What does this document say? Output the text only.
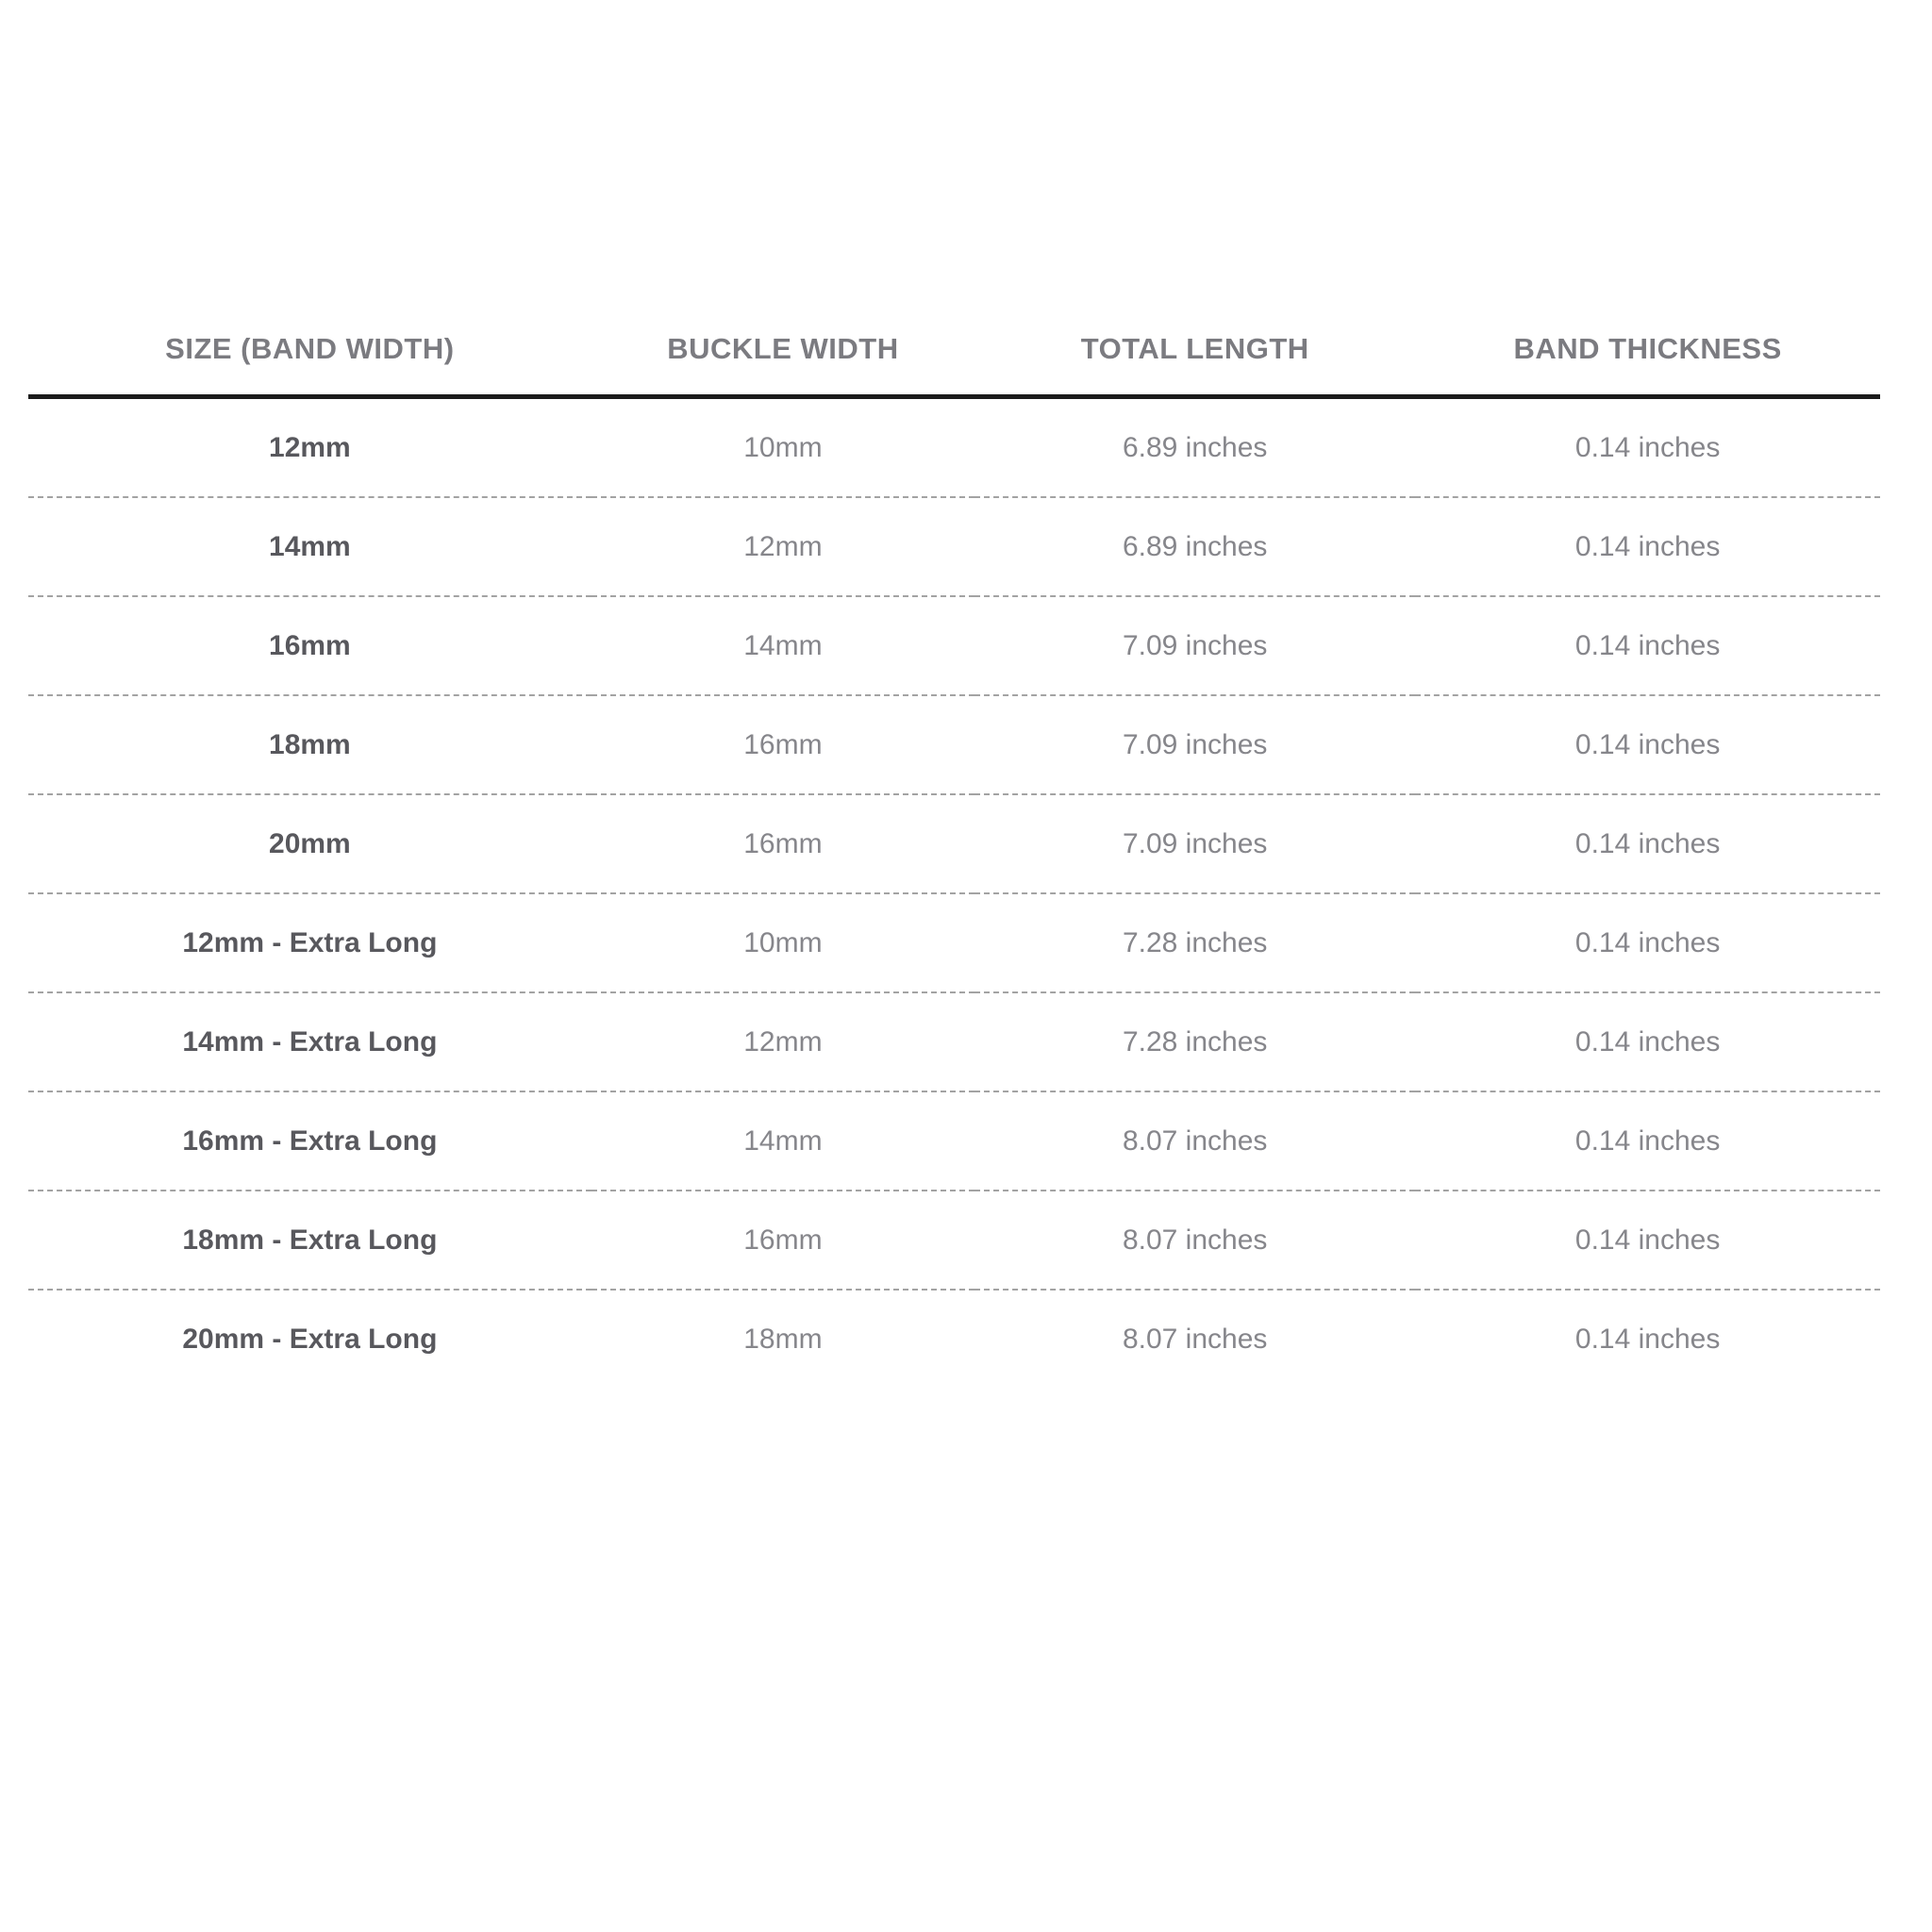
SIZE (BAND WIDTH)	BUCKLE WIDTH	TOTAL LENGTH	BAND THICKNESS
12mm	10mm	6.89 inches	0.14 inches
14mm	12mm	6.89 inches	0.14 inches
16mm	14mm	7.09 inches	0.14 inches
18mm	16mm	7.09 inches	0.14 inches
20mm	16mm	7.09 inches	0.14 inches
12mm - Extra Long	10mm	7.28 inches	0.14 inches
14mm - Extra Long	12mm	7.28 inches	0.14 inches
16mm - Extra Long	14mm	8.07 inches	0.14 inches
18mm - Extra Long	16mm	8.07 inches	0.14 inches
20mm - Extra Long	18mm	8.07 inches	0.14 inches
